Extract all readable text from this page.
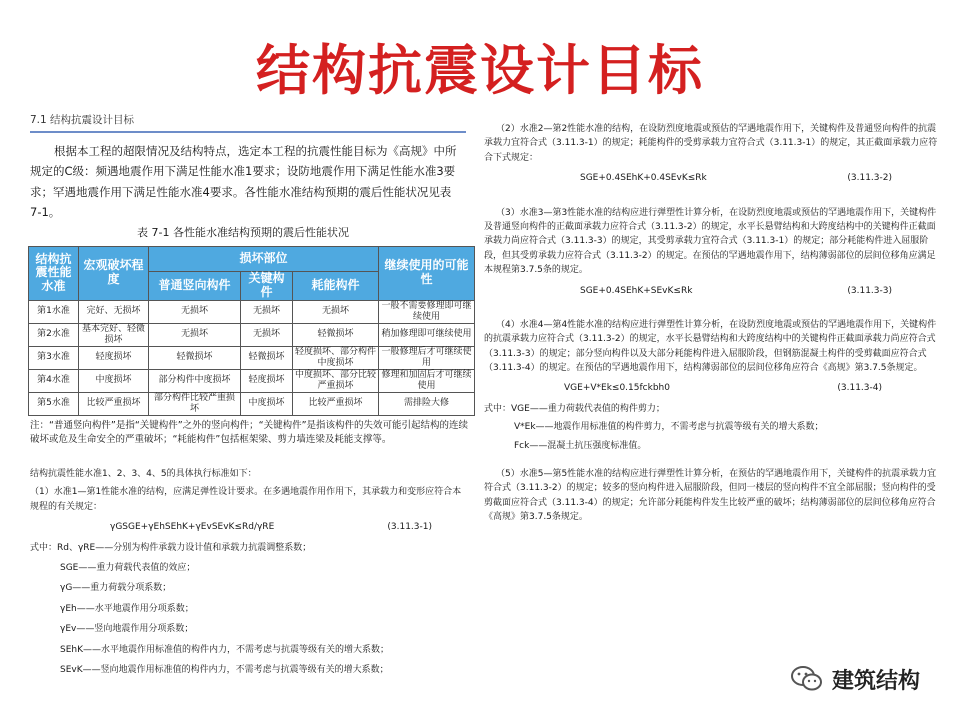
结构抗震设计目标
7.1 结构抗震设计目标

根据本工程的超限情况及结构特点，选定本工程的抗震性能目标为《高规》中所规定的C级：频遇地震作用下满足性能水准1要求；设防地震作用下满足性能水准3要求；罕遇地震作用下满足性能水准4要求。各性能水准结构预期的震后性能状况见表7-1。

表 7-1 各性能水准结构预期的震后性能状况
结构抗震性能水准	宏观破坏程度	损坏部位			继续使用的可能性
		普通竖向构件	关键构件	耗能构件	
第1水准	完好、无损坏	无损坏	无损坏	无损坏	一般不需要修理即可继续使用
第2水准	基本完好、轻微损坏	无损坏	无损坏	轻微损坏	稍加修理即可继续使用
第3水准	轻度损坏	轻微损坏	轻微损坏	轻度损坏、部分构件中度损坏	一般修理后才可继续使用
第4水准	中度损坏	部分构件中度损坏	轻度损坏	中度损坏、部分比较严重损坏	修理和加固后才可继续使用
第5水准	比较严重损坏	部分构件比较严重损坏	中度损坏	比较严重损坏	需排险大修
注：“普通竖向构件”是指“关键构件”之外的竖向构件；“关键构件”是指该构件的失效可能引起结构的连续破坏或危及生命安全的严重破坏；“耗能构件”包括框架梁、剪力墙连梁及耗能支撑等。
结构抗震性能水准1、2、3、4、5的具体执行标准如下：
（1）水准1—第1性能水准的结构，应满足弹性设计要求。在多遇地震作用作用下，其承载力和变形应符合本规程的有关规定：
γGSGE+γEhSEhK+γEvSEvK≤Rd/γRE	(3.11.3-1)
式中：Rd、γRE——分别为构件承载力设计值和承载力抗震调整系数；
SGE——重力荷载代表值的效应；
γG——重力荷载分项系数；
γEh——水平地震作用分项系数；
γEv——竖向地震作用分项系数；
SEhK——水平地震作用标准值的构件内力，不需考虑与抗震等级有关的增大系数；
SEvK——竖向地震作用标准值的构件内力，不需考虑与抗震等级有关的增大系数；
（2）水准2—第2性能水准的结构，在设防烈度地震或预估的罕遇地震作用下，关键构件及普通竖向构件的抗震承载力宜符合式（3.11.3-1）的规定；耗能构件的受剪承载力宜符合式（3.11.3-1）的规定，其正截面承载力应符合下式规定：
SGE+0.4SEhK+0.4SEvK≤Rk	(3.11.3-2)
（3）水准3—第3性能水准的结构应进行弹塑性计算分析，在设防烈度地震或预估的罕遇地震作用下，关键构件及普通竖向构件的正截面承载力应符合式（3.11.3-2）的规定，水平长悬臂结构和大跨度结构中的关键构件正截面承载力尚应符合式（3.11.3-3）的规定，其受剪承载力宜符合式（3.11.3-1）的规定；部分耗能构件进入屈服阶段，但其受剪承载力应符合式（3.11.3-2）的规定。在预估的罕遇地震作用下，结构薄弱部位的层间位移角应满足本规程第3.7.5条的规定。
SGE+0.4SEhK+SEvK≤Rk	(3.11.3-3)
（4）水准4—第4性能水准的结构应进行弹塑性计算分析，在设防烈度地震或预估的罕遇地震作用下，关键构件的抗震承载力应符合式（3.11.3-2）的规定，水平长悬臂结构和大跨度结构中的关键构件正截面承载力尚应符合式（3.11.3-3）的规定；部分竖向构件以及大部分耗能构件进入屈服阶段，但钢筋混凝土构件的受剪截面应符合式（3.11.3-4）的规定。在预估的罕遇地震作用下，结构薄弱部位的层间位移角应符合《高规》第3.7.5条规定。
VGE+V*Ek≤0.15fckbh0	(3.11.3-4)
式中：VGE——重力荷载代表值的构件剪力；
V*Ek——地震作用标准值的构件剪力，不需考虑与抗震等级有关的增大系数；
Fck——混凝土抗压强度标准值。
（5）水准5—第5性能水准的结构应进行弹塑性计算分析，在预估的罕遇地震作用下，关键构件的抗震承载力宜符合式（3.11.3-2）的规定；较多的竖向构件进入屈服阶段，但同一楼层的竖向构件不宜全部屈服；竖向构件的受剪截面应符合式（3.11.3-4）的规定；允许部分耗能构件发生比较严重的破坏；结构薄弱部位的层间位移角应符合《高规》第3.7.5条规定。
建筑结构
